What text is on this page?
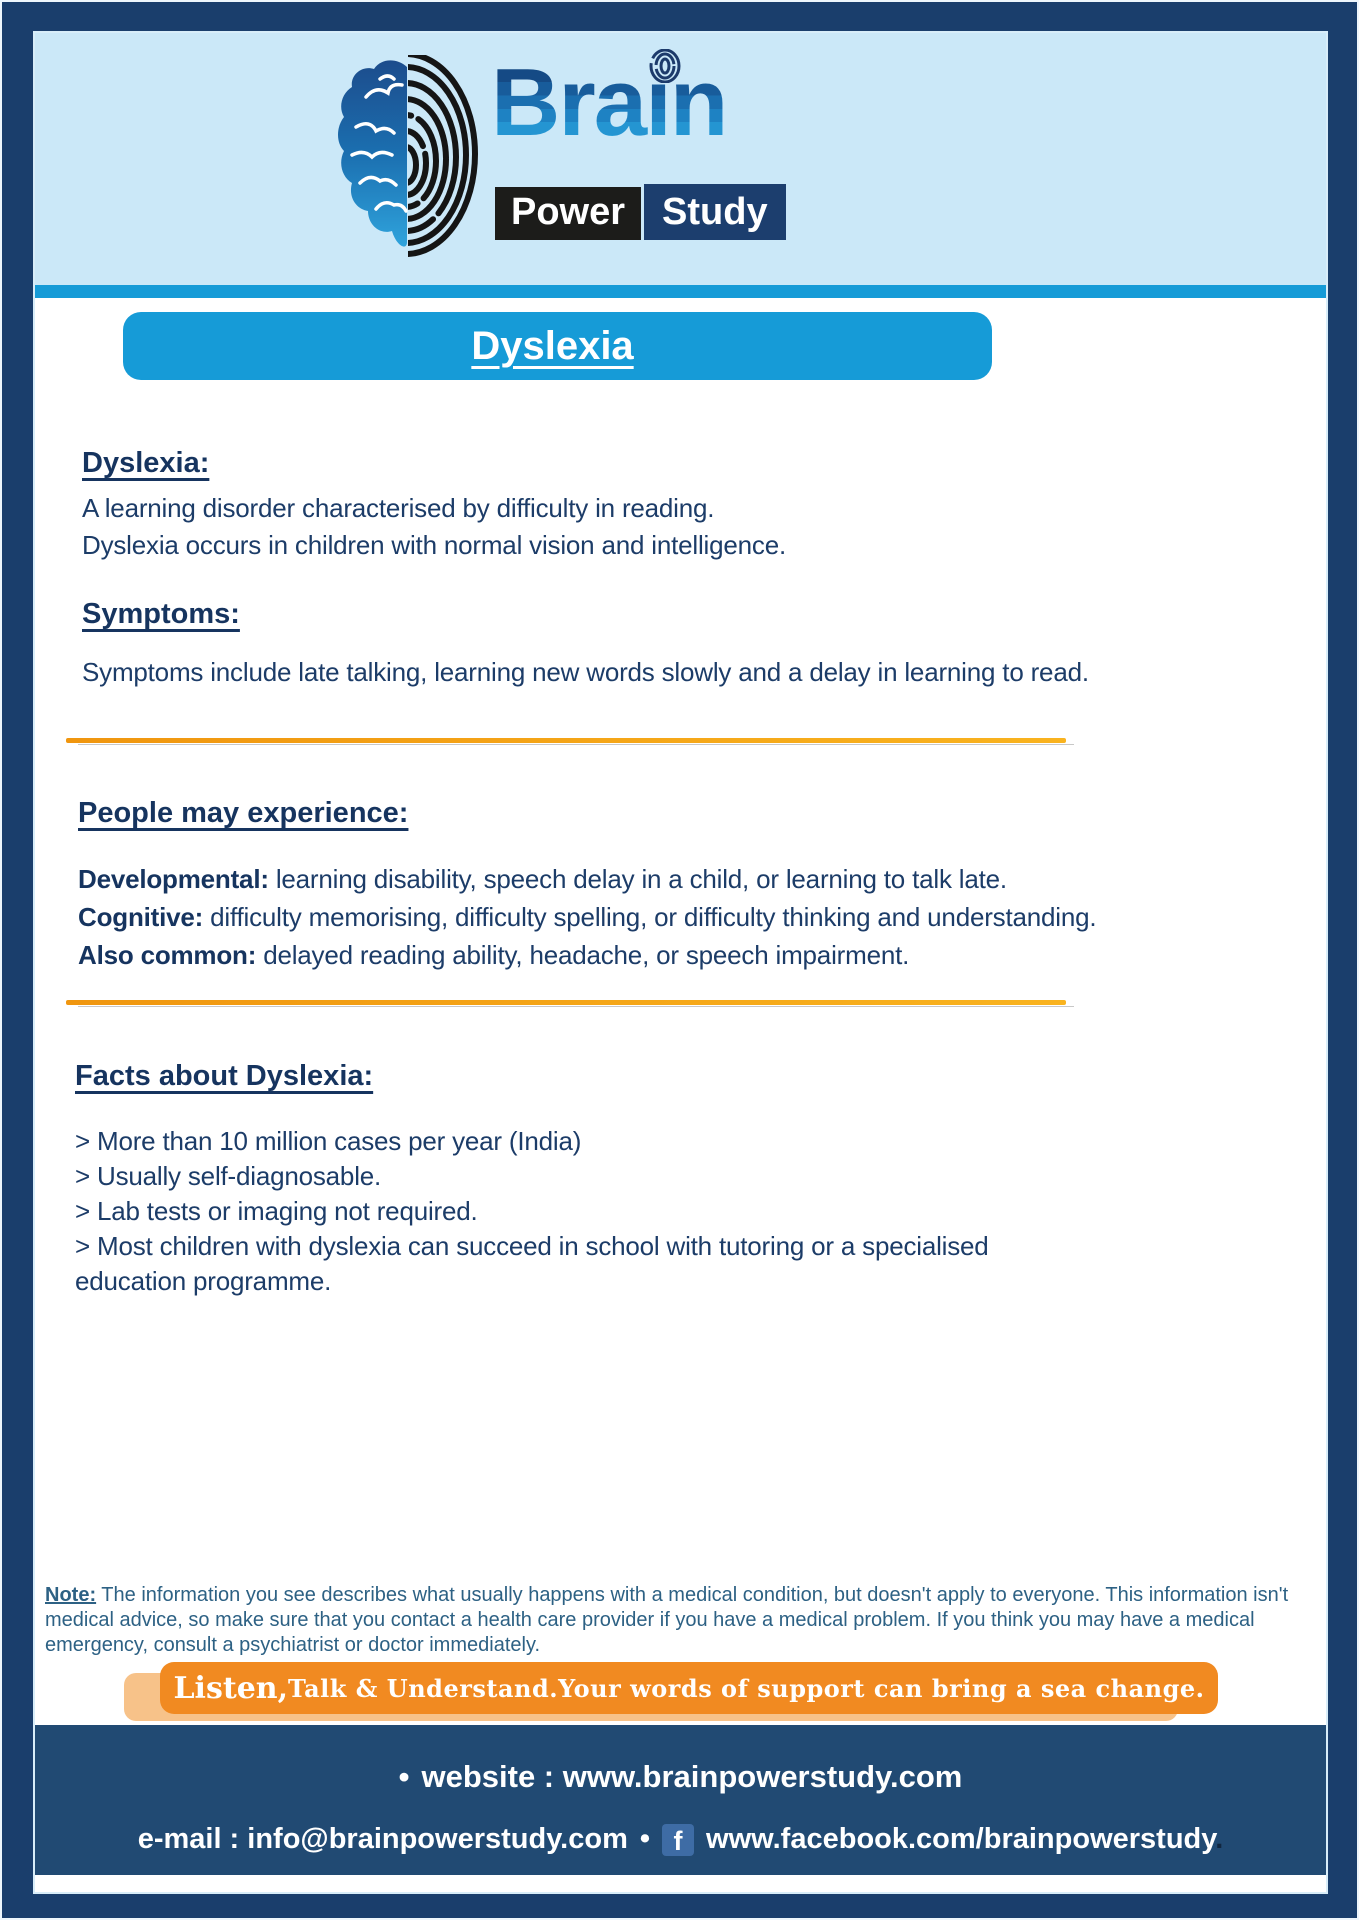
Braın
Power Study
Dyslexia
Dyslexia:
A learning disorder characterised by difficulty in reading.
Dyslexia occurs in children with normal vision and intelligence.
Symptoms:
Symptoms include late talking, learning new words slowly and a delay in learning to read.
People may experience:
Developmental: learning disability, speech delay in a child, or learning to talk late.
Cognitive: difficulty memorising, difficulty spelling, or difficulty thinking and understanding.
Also common: delayed reading ability, headache, or speech impairment.
Facts about Dyslexia:
> More than 10 million cases per year (India)
> Usually self-diagnosable.
> Lab tests or imaging not required.
> Most children with dyslexia can succeed in school with tutoring or a specialised education programme.

Note: The information you see describes what usually happens with a medical condition, but doesn't apply to everyone. This information isn't medical advice, so make sure that you contact a health care provider if you have a medical problem. If you think you may have a medical emergency, consult a psychiatrist or doctor immediately.

Listen, Talk & Understand.Your words of support can bring a sea change.
• website : www.brainpowerstudy.com
e-mail : info@brainpowerstudy.com • f www.facebook.com/brainpowerstudy.
